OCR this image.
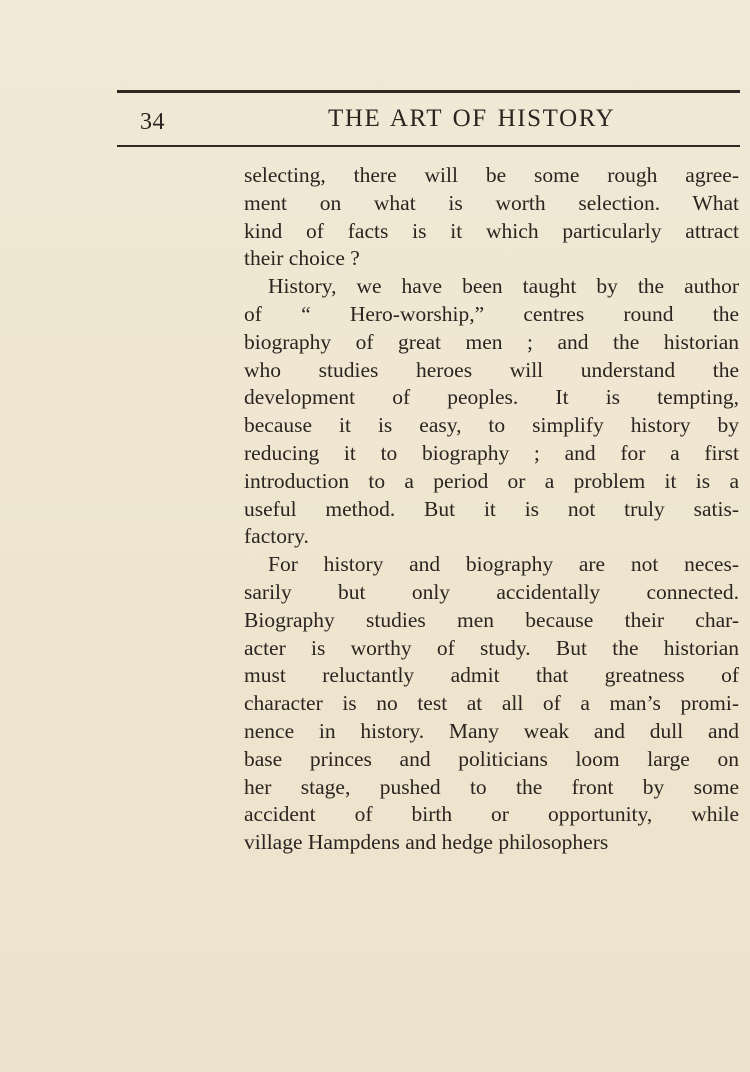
34	THE ART OF HISTORY
selecting, there will be some rough agree-
ment on what is worth selection. What
kind of facts is it which particularly attract
their choice ?
History, we have been taught by the author
of “ Hero-worship,” centres round the
biography of great men ; and the historian
who studies heroes will understand the
development of peoples. It is tempting,
because it is easy, to simplify history by
reducing it to biography ; and for a first
introduction to a period or a problem it is a
useful method. But it is not truly satis-
factory.
For history and biography are not neces-
sarily but only accidentally connected.
Biography studies men because their char-
acter is worthy of study. But the historian
must reluctantly admit that greatness of
character is no test at all of a man’s promi-
nence in history. Many weak and dull and
base princes and politicians loom large on
her stage, pushed to the front by some
accident of birth or opportunity, while
village Hampdens and hedge philosophers
